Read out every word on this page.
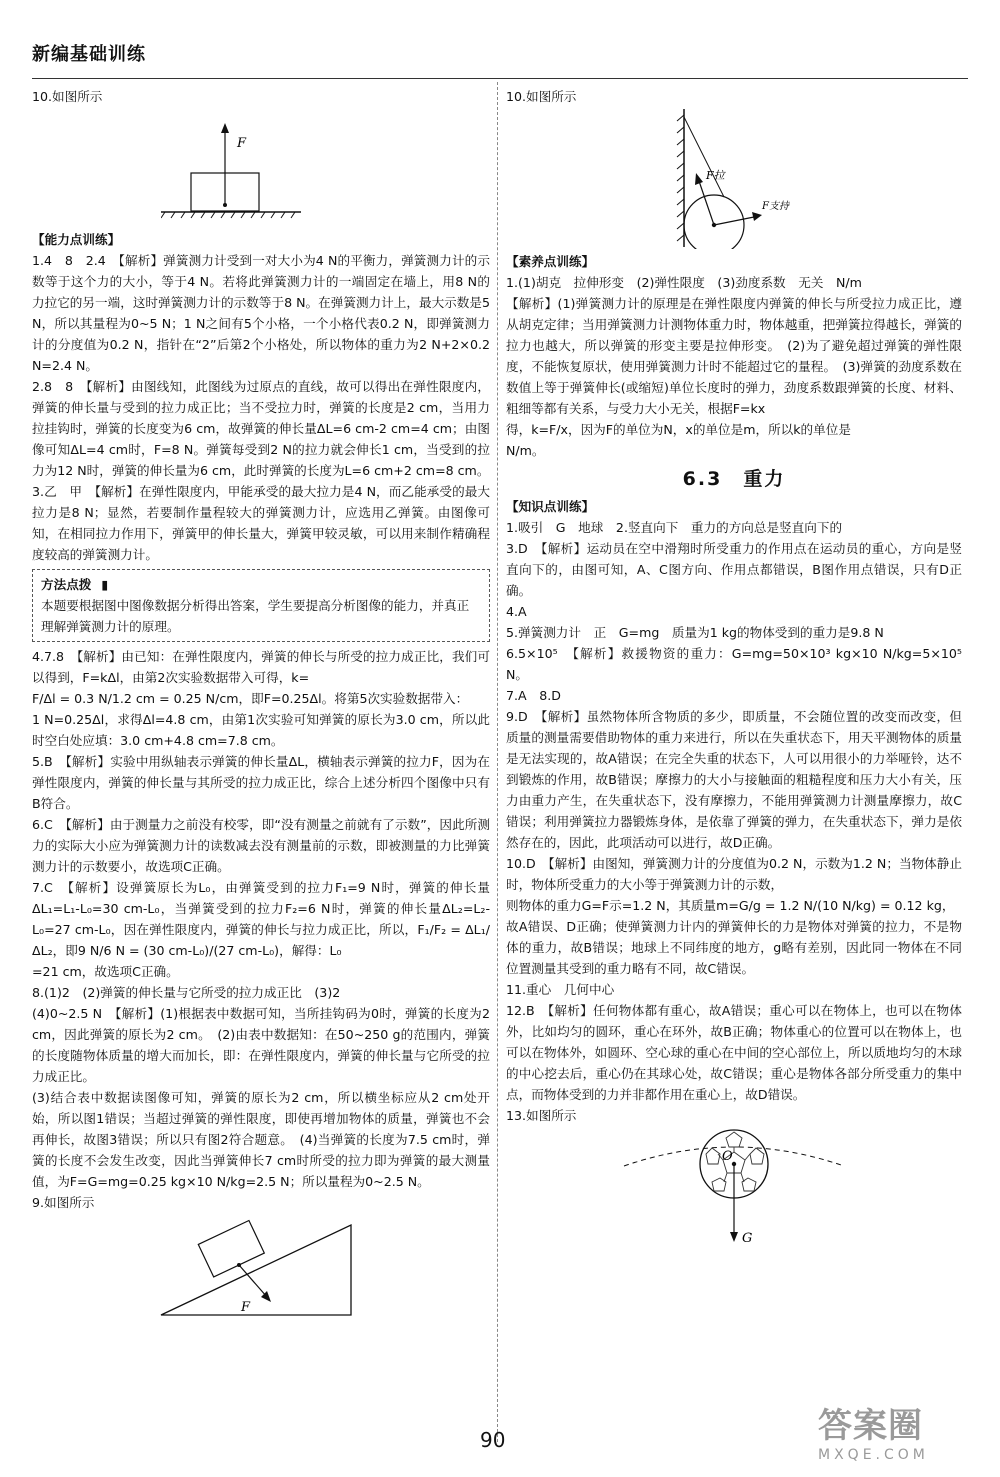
新编基础训练

10.如图所示

F
【能力点训练】

1.4　8　2.4　【解析】弹簧测力计受到一对大小为4 N的平衡力，弹簧测力计的示数等于这个力的大小，等于4 N。若将此弹簧测力计的一端固定在墙上，用8 N的力拉它的另一端，这时弹簧测力计的示数等于8 N。在弹簧测力计上，最大示数是5 N，所以其量程为0~5 N；1 N之间有5个小格，一个小格代表0.2 N，即弹簧测力计的分度值为0.2 N，指针在“2”后第2个小格处，所以物体的重力为2 N+2×0.2 N=2.4 N。

2.8　8　【解析】由图线知，此图线为过原点的直线，故可以得出在弹性限度内，弹簧的伸长量与受到的拉力成正比；当不受拉力时，弹簧的长度是2 cm，当用力拉挂钩时，弹簧的长度变为6 cm，故弹簧的伸长量ΔL=6 cm-2 cm=4 cm；由图像可知ΔL=4 cm时，F=8 N。弹簧每受到2 N的拉力就会伸长1 cm，当受到的拉力为12 N时，弹簧的伸长量为6 cm，此时弹簧的长度为L=6 cm+2 cm=8 cm。

3.乙　甲　【解析】在弹性限度内，甲能承受的最大拉力是4 N，而乙能承受的最大拉力是8 N；显然，若要制作量程较大的弹簧测力计，应选用乙弹簧。由图像可知，在相同拉力作用下，弹簧甲的伸长量大，弹簧甲较灵敏，可以用来制作精确程度较高的弹簧测力计。

方法点拨 ▮
本题要根据图中图像数据分析得出答案，学生要提高分析图像的能力，并真正理解弹簧测力计的原理。

4.7.8　【解析】由已知：在弹性限度内，弹簧的伸长与所受的拉力成正比，我们可以得到，F=kΔl，由第2次实验数据带入可得，k=

F/Δl = 0.3 N/1.2 cm = 0.25 N/cm，即F=0.25Δl。将第5次实验数据带入：

1 N=0.25Δl，求得Δl=4.8 cm，由第1次实验可知弹簧的原长为3.0 cm，所以此时空白处应填：3.0 cm+4.8 cm=7.8 cm。

5.B　【解析】实验中用纵轴表示弹簧的伸长量ΔL，横轴表示弹簧的拉力F，因为在弹性限度内，弹簧的伸长量与其所受的拉力成正比，综合上述分析四个图像中只有B符合。

6.C　【解析】由于测量力之前没有校零，即“没有测量之前就有了示数”，因此所测力的实际大小应为弹簧测力计的读数减去没有测量前的示数，即被测量的力比弹簧测力计的示数要小，故选项C正确。

7.C　【解析】设弹簧原长为L₀，由弹簧受到的拉力F₁=9 N时，弹簧的伸长量ΔL₁=L₁-L₀=30 cm-L₀，当弹簧受到的拉力F₂=6 N时，弹簧的伸长量ΔL₂=L₂-L₀=27 cm-L₀，因在弹性限度内，弹簧的伸长与拉力成正比，所以，F₁/F₂ = ΔL₁/ΔL₂，即9 N/6 N = (30 cm-L₀)/(27 cm-L₀)，解得：L₀

=21 cm，故选项C正确。

8.(1)2　(2)弹簧的伸长量与它所受的拉力成正比　(3)2

(4)0~2.5 N　【解析】(1)根据表中数据可知，当所挂钩码为0时，弹簧的长度为2 cm，因此弹簧的原长为2 cm。　(2)由表中数据知：在50~250 g的范围内，弹簧的长度随物体质量的增大而加长，即：在弹性限度内，弹簧的伸长量与它所受的拉力成正比。

(3)结合表中数据读图像可知，弹簧的原长为2 cm，所以横坐标应从2 cm处开始，所以图1错误；当超过弹簧的弹性限度，即使再增加物体的质量，弹簧也不会再伸长，故图3错误；所以只有图2符合题意。　(4)当弹簧的长度为7.5 cm时，弹簧的长度不会发生改变，因此当弹簧伸长7 cm时所受的拉力即为弹簧的最大测量值，为F=G=mg=0.25 kg×10 N/kg=2.5 N；所以量程为0~2.5 N。

9.如图所示

F

10.如图所示

F拉
F支持
【素养点训练】

1.(1)胡克　拉伸形变　(2)弹性限度　(3)劲度系数　无关　N/m

【解析】(1)弹簧测力计的原理是在弹性限度内弹簧的伸长与所受拉力成正比，遵从胡克定律；当用弹簧测力计测物体重力时，物体越重，把弹簧拉得越长，弹簧的拉力也越大，所以弹簧的形变主要是拉伸形变。　(2)为了避免超过弹簧的弹性限度，不能恢复原状，使用弹簧测力计时不能超过它的量程。　(3)弹簧的劲度系数在数值上等于弹簧伸长(或缩短)单位长度时的弹力，劲度系数跟弹簧的长度、材料、粗细等都有关系，与受力大小无关，根据F=kx

得，k=F/x，因为F的单位为N，x的单位是m，所以k的单位是

N/m。

6.3　重力
【知识点训练】

1.吸引　G　地球　2.竖直向下　重力的方向总是竖直向下的

3.D　【解析】运动员在空中滑翔时所受重力的作用点在运动员的重心，方向是竖直向下的，由图可知，A、C图方向、作用点都错误，B图作用点错误，只有D正确。

4.A

5.弹簧测力计　正　G=mg　质量为1 kg的物体受到的重力是9.8 N

6.5×10⁵　【解析】救援物资的重力：G=mg=50×10³ kg×10 N/kg=5×10⁵ N。

7.A　8.D

9.D　【解析】虽然物体所含物质的多少，即质量，不会随位置的改变而改变，但质量的测量需要借助物体的重力来进行，所以在失重状态下，用天平测物体的质量是无法实现的，故A错误；在完全失重的状态下，人可以用很小的力举哑铃，达不到锻炼的作用，故B错误；摩擦力的大小与接触面的粗糙程度和压力大小有关，压力由重力产生，在失重状态下，没有摩擦力，不能用弹簧测力计测量摩擦力，故C错误；利用弹簧拉力器锻炼身体，是依靠了弹簧的弹力，在失重状态下，弹力是依然存在的，因此，此项活动可以进行，故D正确。

10.D　【解析】由图知，弹簧测力计的分度值为0.2 N，示数为1.2 N；当物体静止时，物体所受重力的大小等于弹簧测力计的示数，

则物体的重力G=F示=1.2 N，其质量m=G/g = 1.2 N/(10 N/kg) = 0.12 kg，

故A错误、D正确；使弹簧测力计内的弹簧伸长的力是物体对弹簧的拉力，不是物体的重力，故B错误；地球上不同纬度的地方，g略有差别，因此同一物体在不同位置测量其受到的重力略有不同，故C错误。

11.重心　几何中心

12.B　【解析】任何物体都有重心，故A错误；重心可以在物体上，也可以在物体外，比如均匀的圆环，重心在环外，故B正确；物体重心的位置可以在物体上，也可以在物体外，如圆环、空心球的重心在中间的空心部位上，所以质地均匀的木球的中心挖去后，重心仍在其球心处，故C错误；重心是物体各部分所受重力的集中点，而物体受到的力并非都作用在重心上，故D错误。

13.如图所示

O
G
90	答案圈
MXQE.COM
